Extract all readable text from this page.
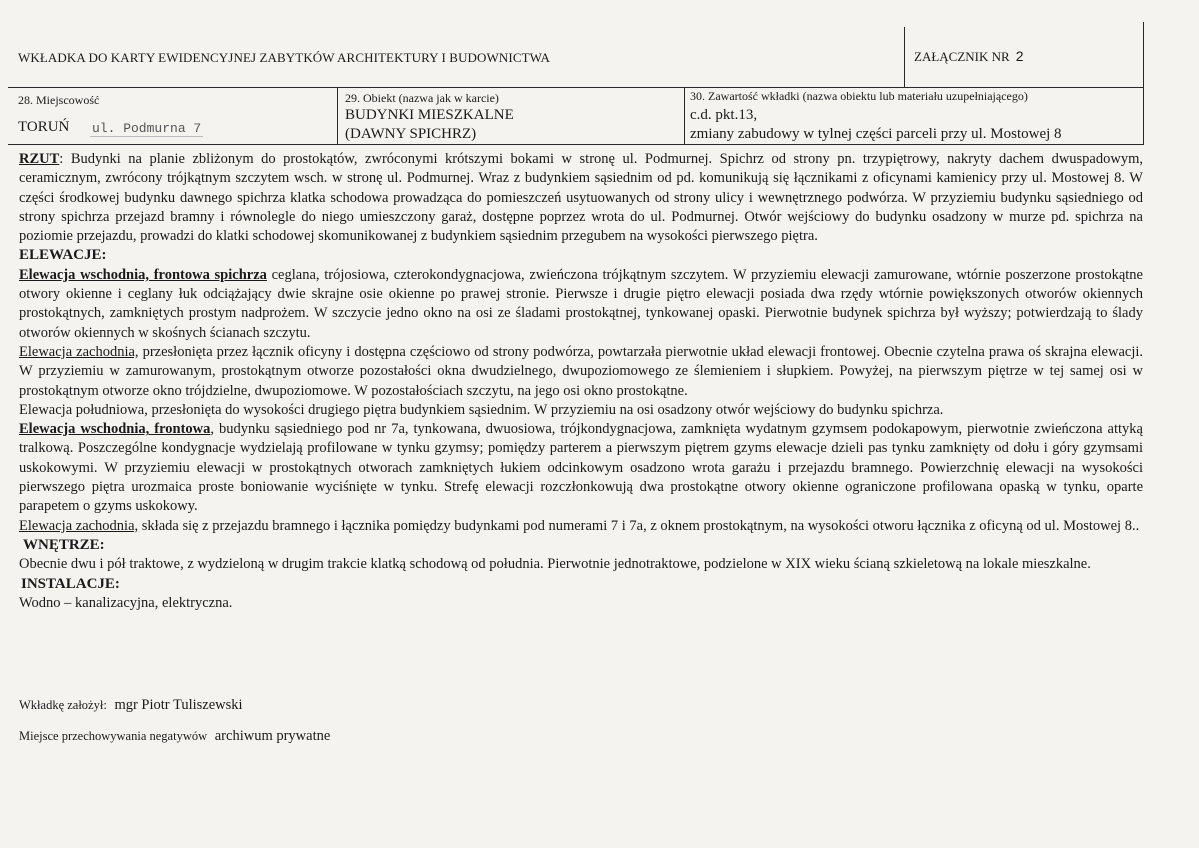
WKŁADKA DO KARTY EWIDENCYJNEJ ZABYTKÓW ARCHITEKTURY I BUDOWNICTWA	ZAŁĄCZNIK NR 2
28. Miejscowość
TORUŃ ul. Podmurna 7
29. Obiekt (nazwa jak w karcie)
BUDYNKI MIESZKALNE
(DAWNY SPICHRZ)
30. Zawartość wkładki (nazwa obiektu lub materiału uzupełniającego)
c.d. pkt.13,
zmiany zabudowy w tylnej części parceli przy ul. Mostowej 8

RZUT: Budynki na planie zbliżonym do prostokątów, zwróconymi krótszymi bokami w stronę ul. Podmurnej. Spichrz od strony pn. trzypiętrowy, nakryty dachem dwuspadowym, ceramicznym, zwrócony trójkątnym szczytem wsch. w stronę ul. Podmurnej. Wraz z budynkiem sąsiednim od pd. komunikują się łącznikami z oficynami kamienicy przy ul. Mostowej 8. W części środkowej budynku dawnego spichrza klatka schodowa prowadząca do pomieszczeń usytuowanych od strony ulicy i wewnętrznego podwórza. W przyziemiu budynku sąsiedniego od strony spichrza przejazd bramny i równolegle do niego umieszczony garaż, dostępne poprzez wrota do ul. Podmurnej. Otwór wejściowy do budynku osadzony w murze pd. spichrza na poziomie przejazdu, prowadzi do klatki schodowej skomunikowanej z budynkiem sąsiednim przegubem na wysokości pierwszego piętra.

ELEWACJE:

Elewacja wschodnia, frontowa spichrza ceglana, trójosiowa, czterokondygnacjowa, zwieńczona trójkątnym szczytem. W przyziemiu elewacji zamurowane, wtórnie poszerzone prostokątne otwory okienne i ceglany łuk odciążający dwie skrajne osie okienne po prawej stronie. Pierwsze i drugie piętro elewacji posiada dwa rzędy wtórnie powiększonych otworów okiennych prostokątnych, zamkniętych prostym nadprożem. W szczycie jedno okno na osi ze śladami prostokątnej, tynkowanej opaski. Pierwotnie budynek spichrza był wyższy; potwierdzają to ślady otworów okiennych w skośnych ścianach szczytu.

Elewacja zachodnia, przesłonięta przez łącznik oficyny i dostępna częściowo od strony podwórza, powtarzała pierwotnie układ elewacji frontowej. Obecnie czytelna prawa oś skrajna elewacji. W przyziemiu w zamurowanym, prostokątnym otworze pozostałości okna dwudzielnego, dwupoziomowego ze ślemieniem i słupkiem. Powyżej, na pierwszym piętrze w tej samej osi w prostokątnym otworze okno trójdzielne, dwupoziomowe. W pozostałościach szczytu, na jego osi okno prostokątne.

Elewacja południowa, przesłonięta do wysokości drugiego piętra budynkiem sąsiednim. W przyziemiu na osi osadzony otwór wejściowy do budynku spichrza.

Elewacja wschodnia, frontowa, budynku sąsiedniego pod nr 7a, tynkowana, dwuosiowa, trójkondygnacjowa, zamknięta wydatnym gzymsem podokapowym, pierwotnie zwieńczona attyką tralkową. Poszczególne kondygnacje wydzielają profilowane w tynku gzymsy; pomiędzy parterem a pierwszym piętrem gzyms elewacje dzieli pas tynku zamknięty od dołu i góry gzymsami uskokowymi. W przyziemiu elewacji w prostokątnych otworach zamkniętych łukiem odcinkowym osadzono wrota garażu i przejazdu bramnego. Powierzchnię elewacji na wysokości pierwszego piętra urozmaica proste boniowanie wyciśnięte w tynku. Strefę elewacji rozczłonkowują dwa prostokątne otwory okienne ograniczone profilowana opaską w tynku, oparte parapetem o gzyms uskokowy.

Elewacja zachodnia, składa się z przejazdu bramnego i łącznika pomiędzy budynkami pod numerami 7 i 7a, z oknem prostokątnym, na wysokości otworu łącznika z oficyną od ul. Mostowej 8..

WNĘTRZE:

Obecnie dwu i pół traktowe, z wydzieloną w drugim trakcie klatką schodową od południa. Pierwotnie jednotraktowe, podzielone w XIX wieku ścianą szkieletową na lokale mieszkalne.

INSTALACJE:

Wodno – kanalizacyjna, elektryczna.

Wkładkę założył: mgr Piotr Tuliszewski
Miejsce przechowywania negatywów archiwum prywatne
